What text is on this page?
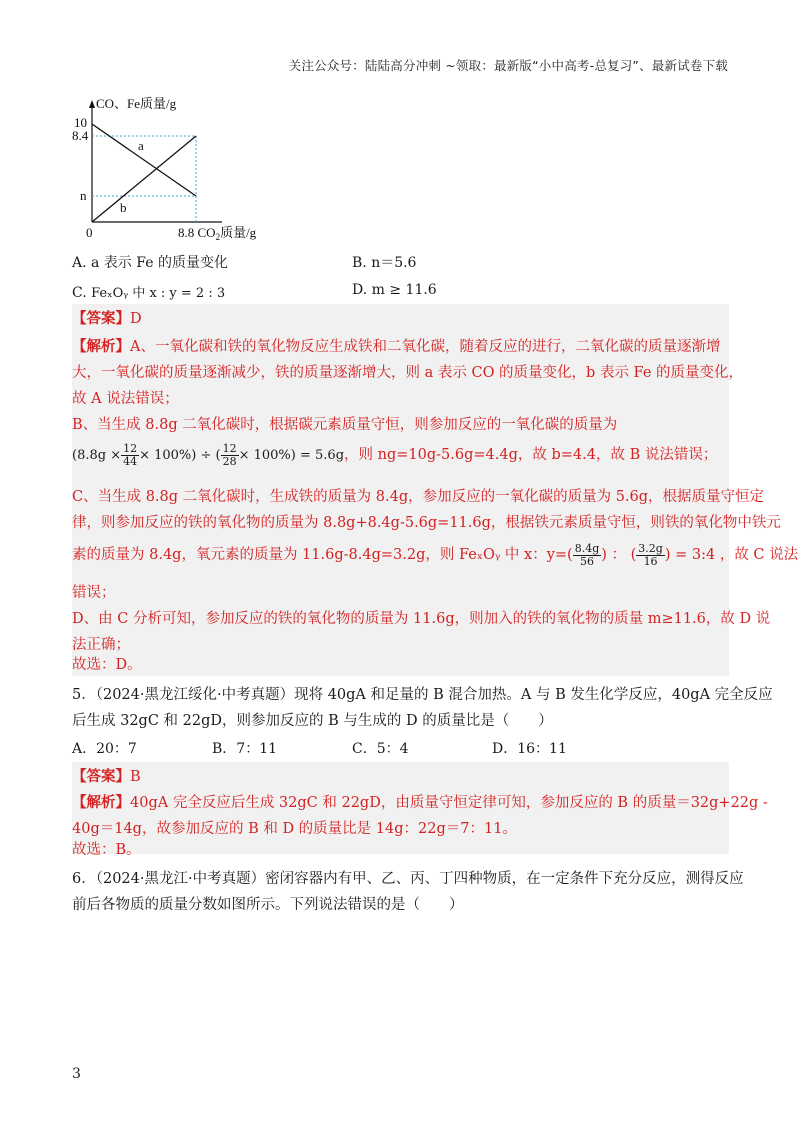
关注公众号：陆陆高分冲刺 ~领取：最新版“小中高考-总复习”、最新试卷下载
CO、Fe质量/g
10
8.4
n
0
a
b
8.8 $CO_2$质量/g
A. a 表示 Fe 的质量变化	B. n＝5.6
C. FeₓOᵧ 中 x : y = 2 : 3	D. m ≥ 11.6
【答案】D
【解析】A、一氧化碳和铁的氧化物反应生成铁和二氧化碳，随着反应的进行，二氧化碳的质量逐渐增
大，一氧化碳的质量逐渐减少，铁的质量逐渐增大，则 a 表示 CO 的质量变化，b 表示 Fe 的质量变化，
故 A 说法错误；
B、当生成 8.8g 二氧化碳时，根据碳元素质量守恒，则参加反应的一氧化碳的质量为
$(8.8g \times \frac{12}{44} \times 100\%)$ ÷ ( $\frac{12}{28} \times 100\%) = 5.6g$ ，则 ng=10g-5.6g=4.4g，故 b=4.4，故 B 说法错误；
C、当生成 8.8g 二氧化碳时，生成铁的质量为 8.4g，参加反应的一氧化碳的质量为 5.6g，根据质量守恒定
律，则参加反应的铁的氧化物的质量为 8.8g+8.4g-5.6g=11.6g，根据铁元素质量守恒，则铁的氧化物中铁元
素的质量为 8.4g，氧元素的质量为 11.6g-8.4g=3.2g，则 FeₓOᵧ 中 x：$y=( \frac{8.4g}{56}$ ) ： ( $\frac{3.2g}{16}$ ) = 3:4 ，故 C 说法
错误；
D、由 C 分析可知，参加反应的铁的氧化物的质量为 11.6g，则加入的铁的氧化物的质量 m≥11.6，故 D 说
法正确；
故选：D。
5．（2024·黑龙江绥化·中考真题）现将 40gA 和足量的 B 混合加热。A 与 B 发生化学反应，40gA 完全反应
后生成 32gC 和 22gD，则参加反应的 B 与生成的 D 的质量比是（　　）
A．20：7	B．7：11	C．5：4	D．16：11
【答案】B
【解析】40gA 完全反应后生成 32gC 和 22gD，由质量守恒定律可知，参加反应的 B 的质量＝32g+22g -
40g＝14g，故参加反应的 B 和 D 的质量比是 14g：22g＝7：11。
故选：B。
6．（2024·黑龙江·中考真题）密闭容器内有甲、乙、丙、丁四种物质，在一定条件下充分反应，测得反应
前后各物质的质量分数如图所示。下列说法错误的是（　　）
3
